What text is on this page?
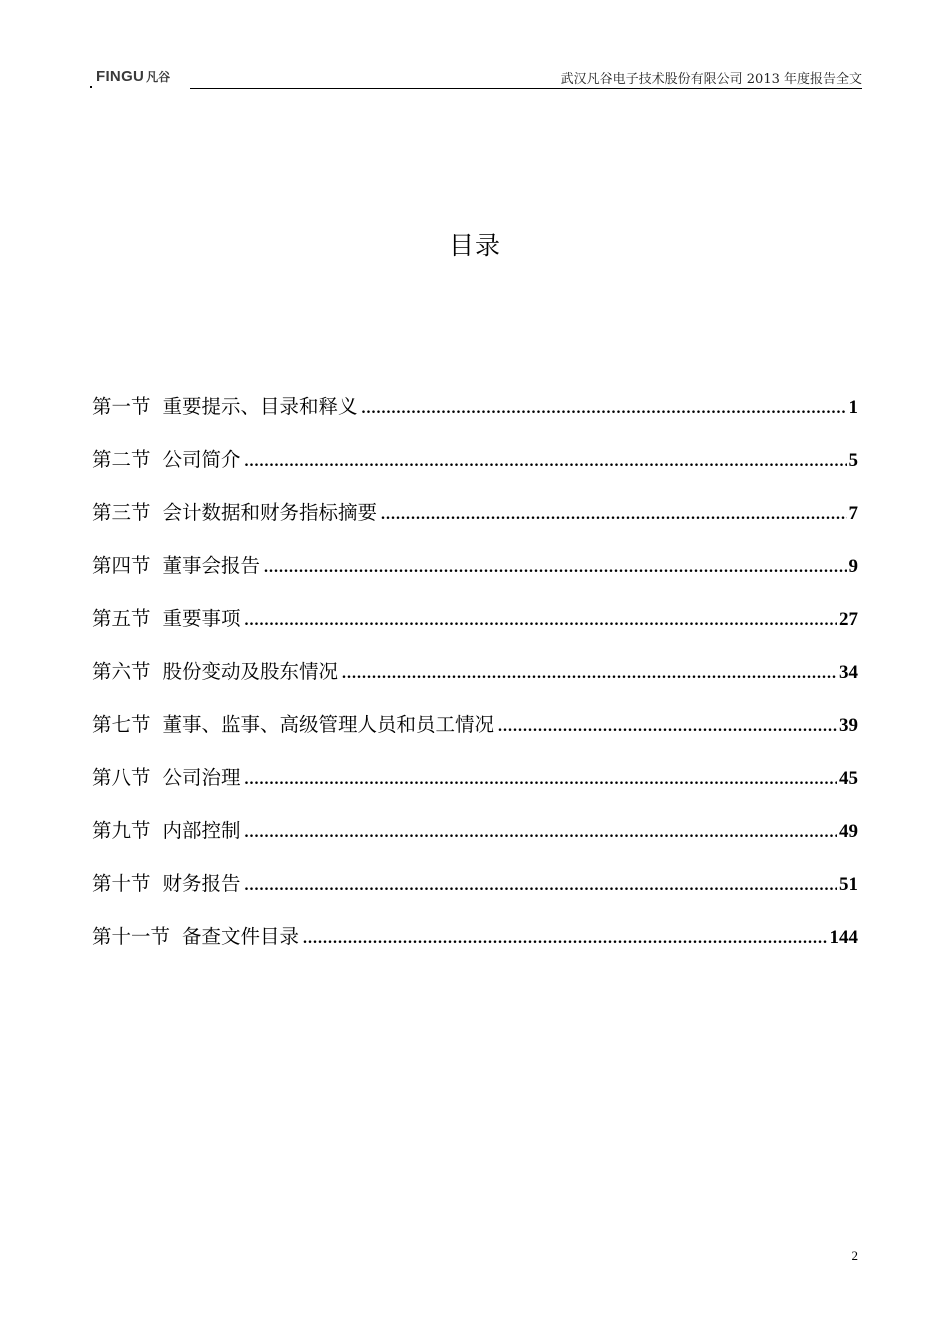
FINGU 凡谷	武汉凡谷电子技术股份有限公司 2013 年度报告全文
目录
第一节 重要提示、目录和释义 .....	1
第二节 公司简介 .....	5
第三节 会计数据和财务指标摘要 .....	7
第四节 董事会报告 .....	9
第五节 重要事项 .....	27
第六节 股份变动及股东情况 .....	34
第七节 董事、监事、高级管理人员和员工情况 .....	39
第八节 公司治理 .....	45
第九节 内部控制 .....	49
第十节 财务报告 .....	51
第十一节 备查文件目录 .....	144
2
